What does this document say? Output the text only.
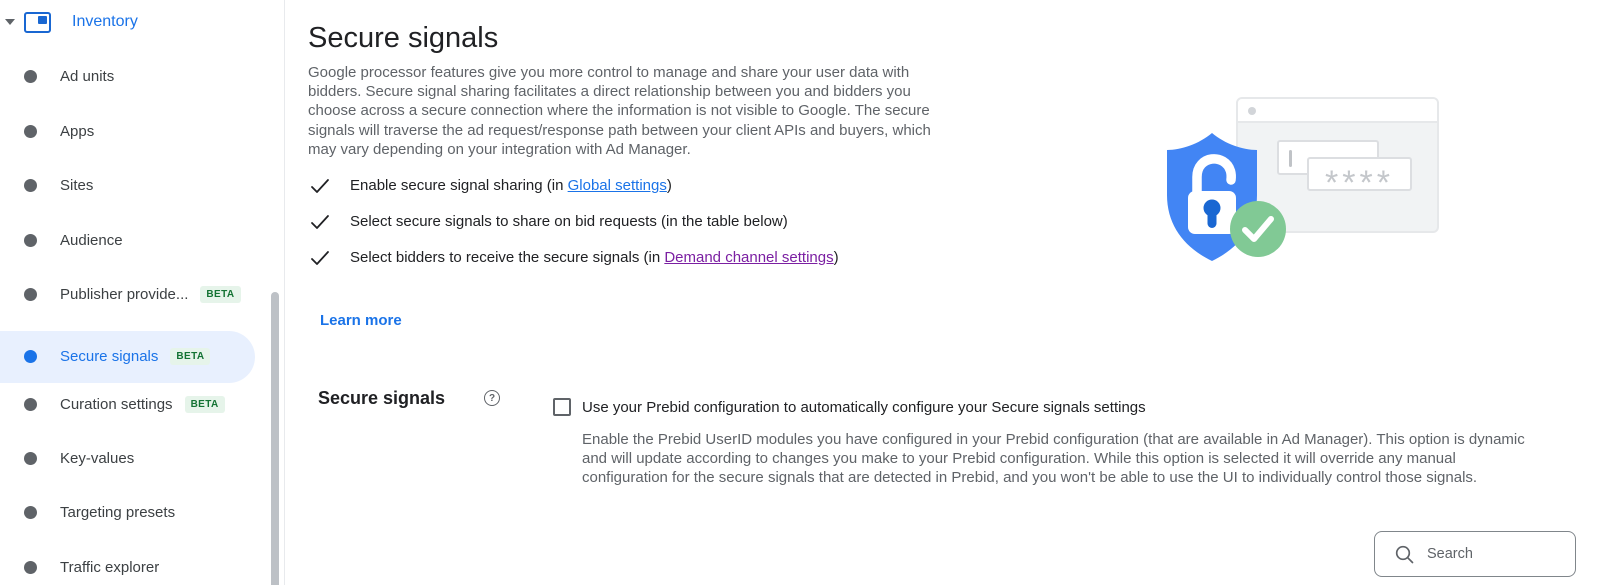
Inventory
Ad units
Apps
Sites
Audience
Publisher provide...	BETA
Secure signals	BETA
Curation settings	BETA
Key-values
Targeting presets
Traffic explorer
Secure signals

Google processor features give you more control to manage and share your user data with bidders. Secure signal sharing facilitates a direct relationship between you and bidders you choose across a secure connection where the information is not visible to Google. The secure signals will traverse the ad request/response path between your client APIs and buyers, which may vary depending on your integration with Ad Manager.

Enable secure signal sharing (in Global settings)
Select secure signals to share on bid requests (in the table below)
Select bidders to receive the secure signals (in Demand channel settings)
Learn more
****
Secure signals	?
Use your Prebid configuration to automatically configure your Secure signals settings

Enable the Prebid UserID modules you have configured in your Prebid configuration (that are available in Ad Manager). This option is dynamic and will update according to changes you make to your Prebid configuration. While this option is selected it will override any manual configuration for the secure signals that are detected in Prebid, and you won't be able to use the UI to individually control those signals.

Search
